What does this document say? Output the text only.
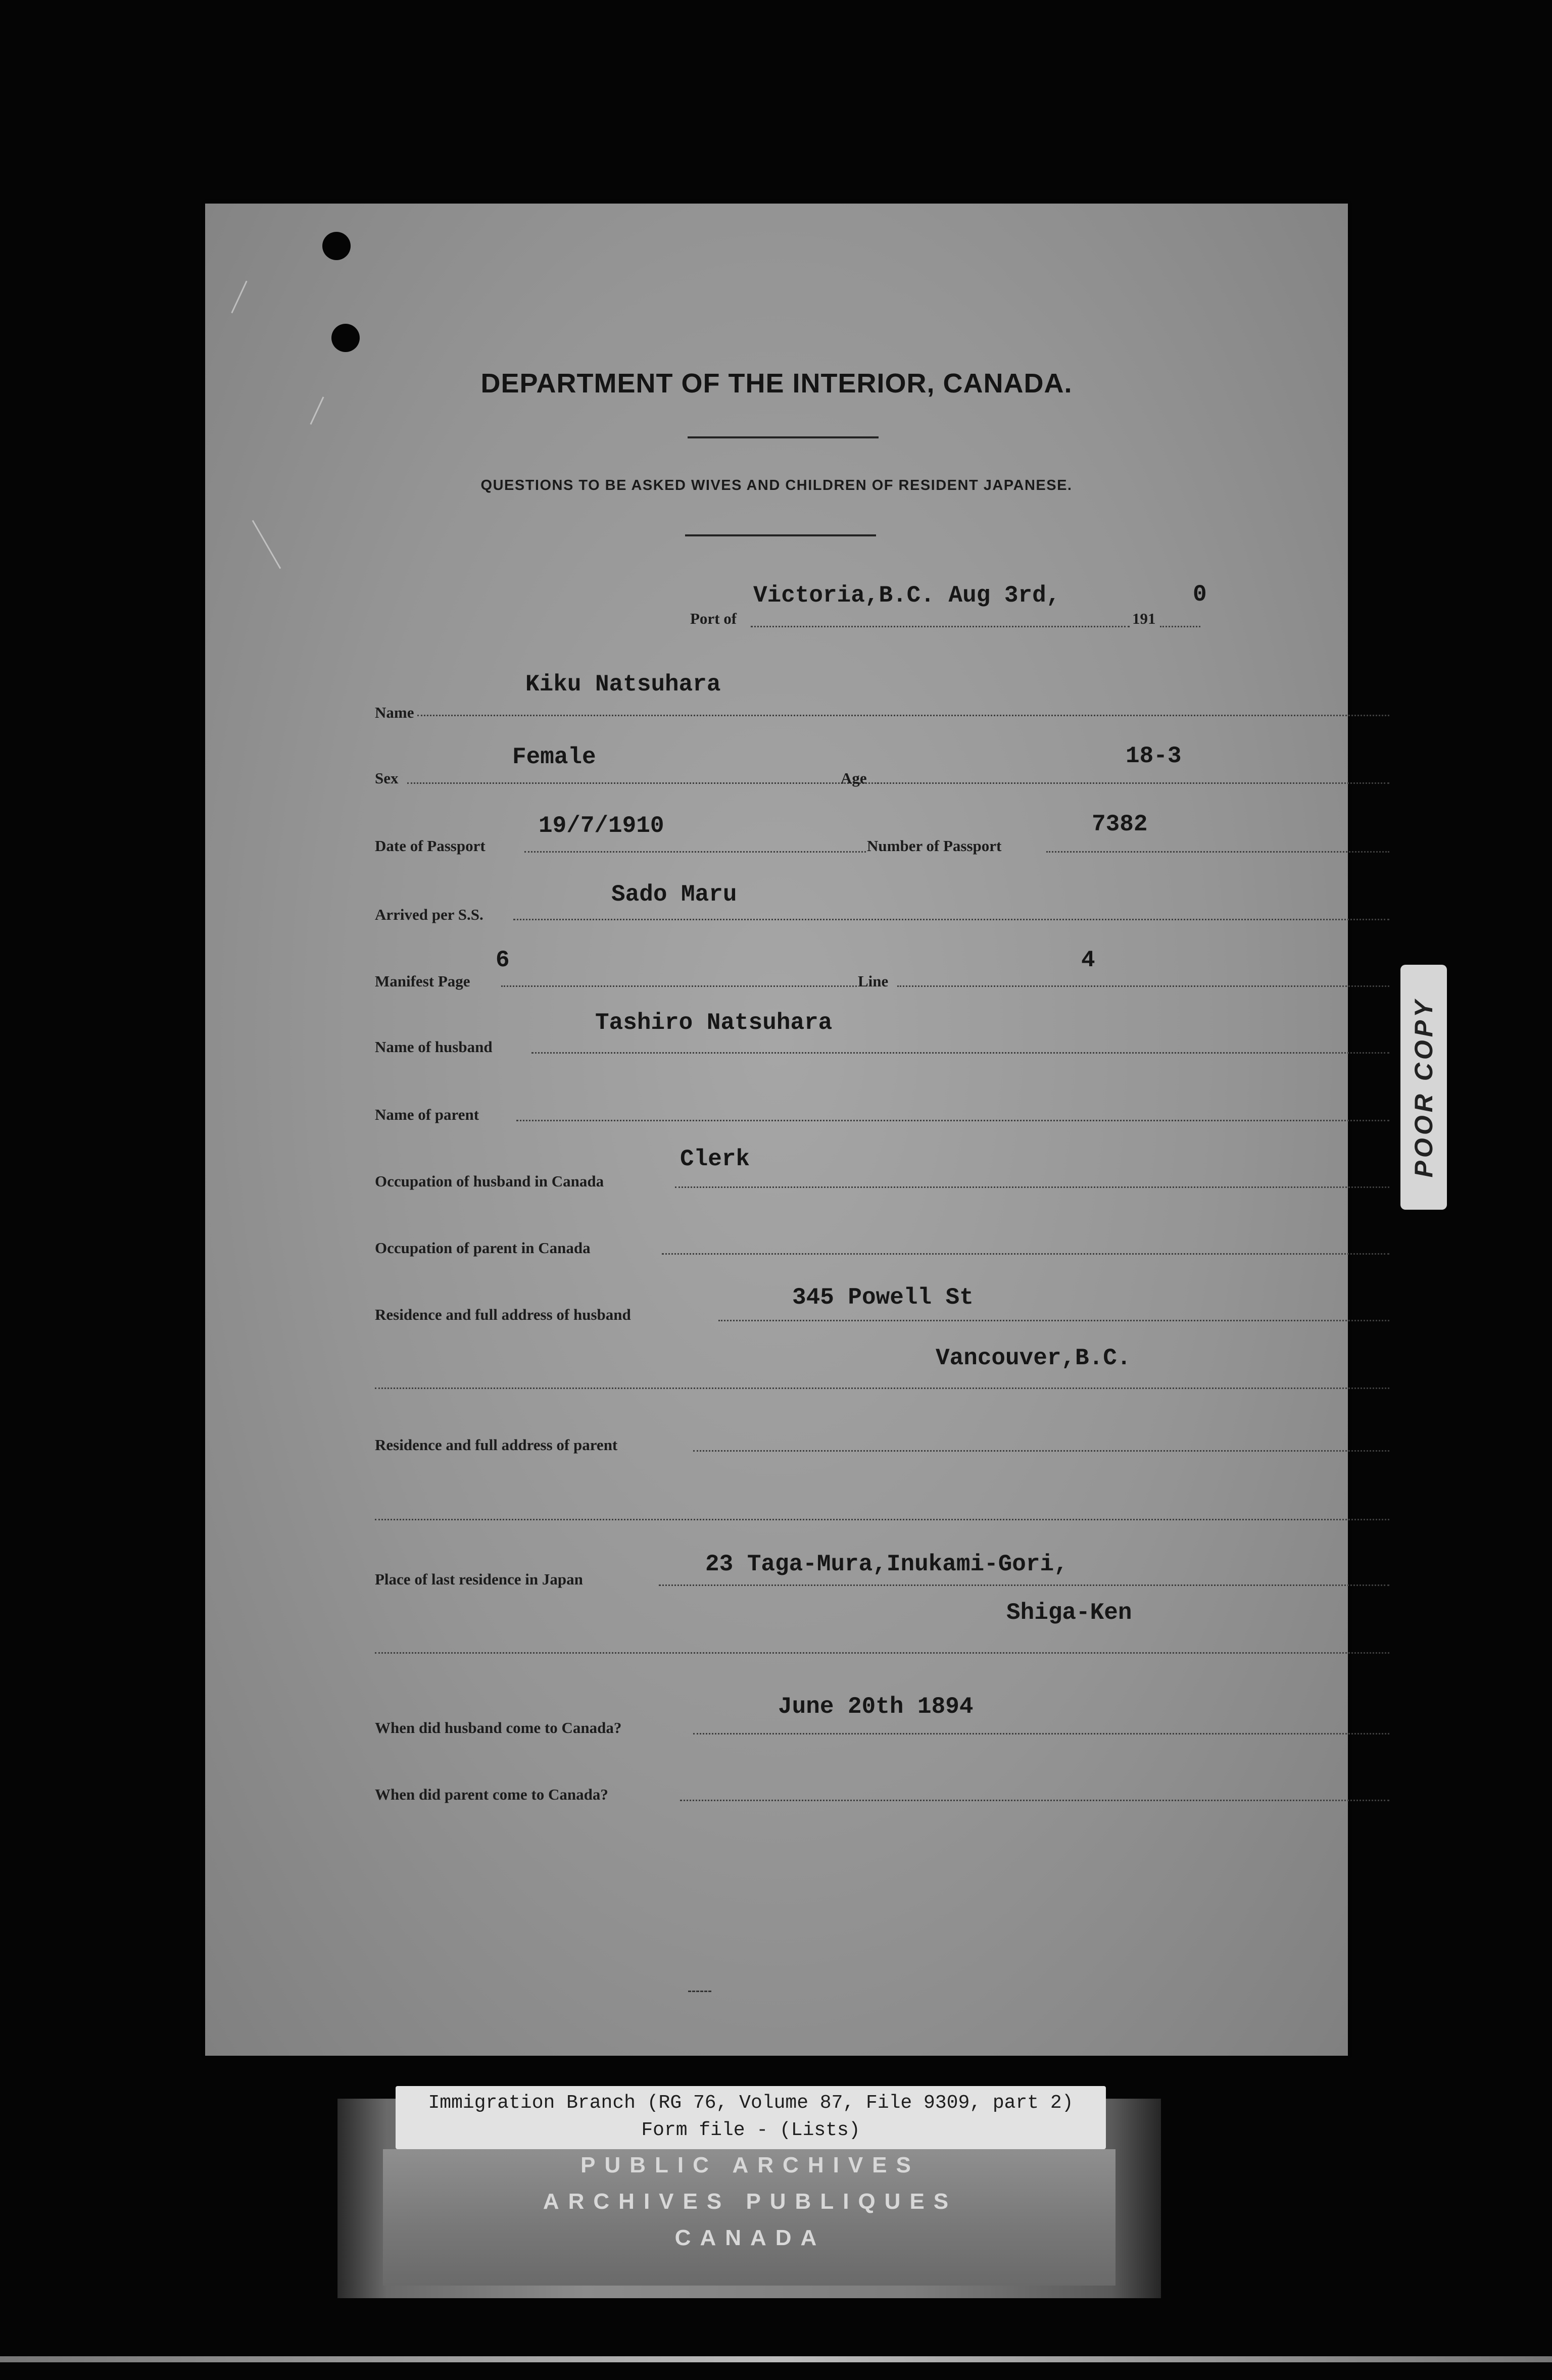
DEPARTMENT OF THE INTERIOR, CANADA.
QUESTIONS TO BE ASKED WIVES AND CHILDREN OF RESIDENT JAPANESE.
Port of
Victoria,B.C. Aug 3rd,
191
0
Name
Kiku Natsuhara
Sex
Female
Age
18-3
Date of Passport
19/7/1910
Number of Passport
7382
Arrived per S.S.
Sado Maru
Manifest Page
6
Line
4
Name of husband
Tashiro Natsuhara
Name of parent
Occupation of husband in Canada
Clerk
Occupation of parent in Canada
Residence and full address of husband
345 Powell St
Vancouver,B.C.
Residence and full address of parent
Place of last residence in Japan
23 Taga-Mura,Inukami-Gori,
Shiga-Ken
When did husband come to Canada?
June 20th 1894
When did parent come to Canada?
POOR COPY
Immigration Branch (RG 76, Volume 87, File 9309, part 2)
Form file - (Lists)
PUBLIC ARCHIVES
ARCHIVES PUBLIQUES
CANADA
